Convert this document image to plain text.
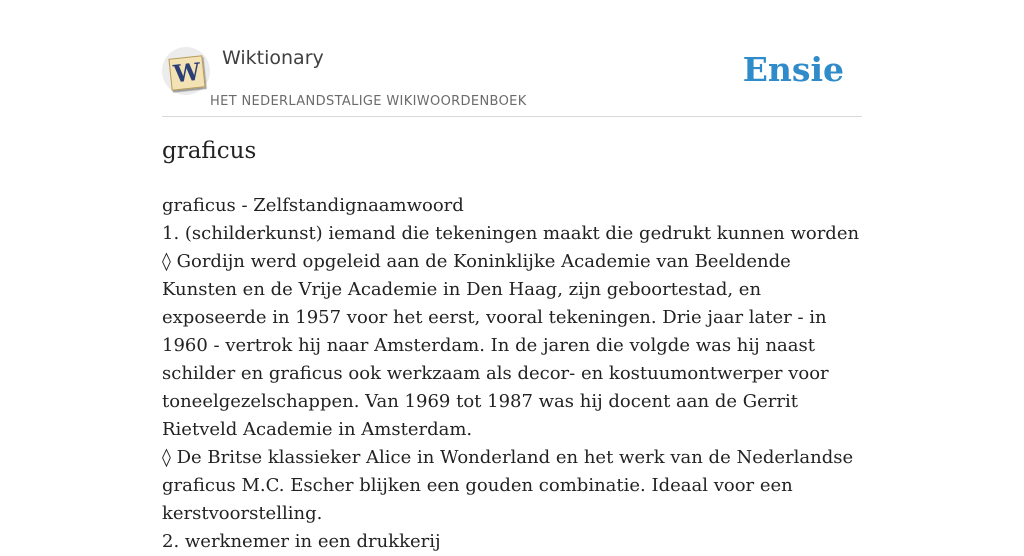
W Wiktionary
HET NEDERLANDSTALIGE WIKIWOORDENBOEK
Ensie
graficus
graficus - Zelfstandignaamwoord
1. (schilderkunst) iemand die tekeningen maakt die gedrukt kunnen worden
◊ Gordijn werd opgeleid aan de Koninklijke Academie van Beeldende Kunsten en de Vrije Academie in Den Haag, zijn geboortestad, en exposeerde in 1957 voor het eerst, vooral tekeningen. Drie jaar later - in 1960 - vertrok hij naar Amsterdam. In de jaren die volgde was hij naast schilder en graficus ook werkzaam als decor- en kostuumontwerper voor toneelgezelschappen. Van 1969 tot 1987 was hij docent aan de Gerrit Rietveld Academie in Amsterdam.
◊ De Britse klassieker Alice in Wonderland en het werk van de Nederlandse graficus M.C. Escher blijken een gouden combinatie. Ideaal voor een kerstvoorstelling.
2. werknemer in een drukkerij
